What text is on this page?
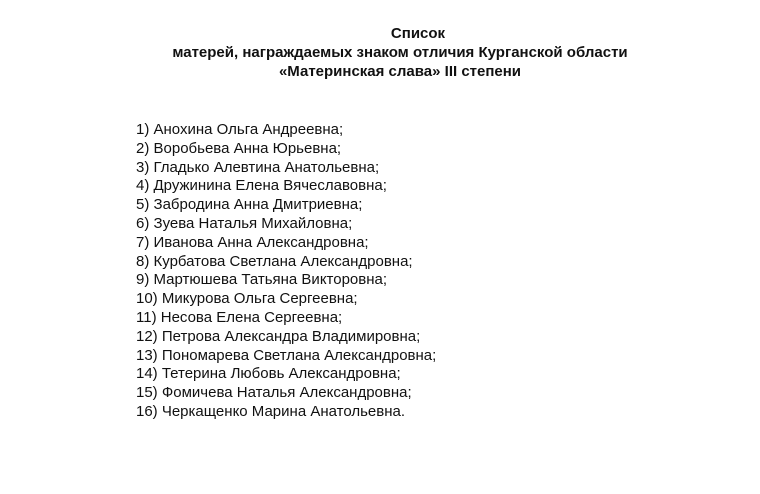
Список
матерей, награждаемых знаком отличия Курганской области
«Материнская слава» III степени
1) Анохина Ольга Андреевна;
2) Воробьева Анна Юрьевна;
3) Гладько Алевтина Анатольевна;
4) Дружинина Елена Вячеславовна;
5) Забродина Анна Дмитриевна;
6) Зуева Наталья Михайловна;
7) Иванова Анна Александровна;
8) Курбатова Светлана Александровна;
9) Мартюшева Татьяна Викторовна;
10) Микурова Ольга Сергеевна;
11) Несова Елена Сергеевна;
12) Петрова Александра Владимировна;
13) Пономарева Светлана Александровна;
14) Тетерина Любовь Александровна;
15) Фомичева Наталья Александровна;
16) Черкащенко Марина Анатольевна.
